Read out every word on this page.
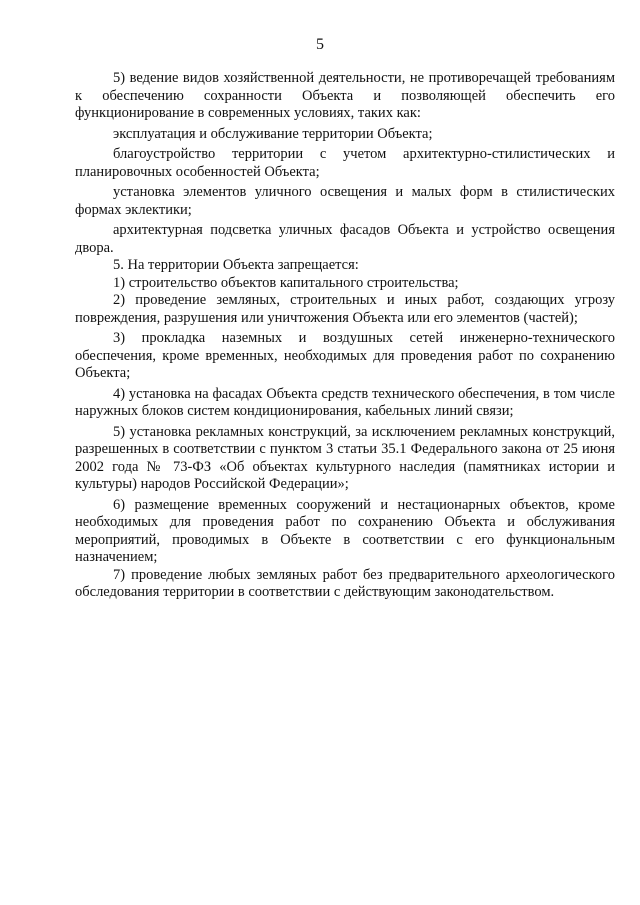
5

5) ведение видов хозяйственной деятельности, не противоречащей требованиям к обеспечению сохранности Объекта и позволяющей обеспечить его функционирование в современных условиях, таких как:

эксплуатация и обслуживание территории Объекта;

благоустройство территории с учетом архитектурно-стилистических и планировочных особенностей Объекта;

установка элементов уличного освещения и малых форм в стилистических формах эклектики;

архитектурная подсветка уличных фасадов Объекта и устройство освещения двора.

5. На территории Объекта запрещается:

1) строительство объектов капитального строительства;

2) проведение земляных, строительных и иных работ, создающих угрозу повреждения, разрушения или уничтожения Объекта или его элементов (частей);

3) прокладка наземных и воздушных сетей инженерно-технического обеспечения, кроме временных, необходимых для проведения работ по сохранению Объекта;

4) установка на фасадах Объекта средств технического обеспечения, в том числе наружных блоков систем кондиционирования, кабельных линий связи;

5) установка рекламных конструкций, за исключением рекламных конструкций, разрешенных в соответствии с пунктом 3 статьи 35.1 Федерального закона от 25 июня 2002 года № 73-ФЗ «Об объектах культурного наследия (памятниках истории и культуры) народов Российской Федерации»;

6) размещение временных сооружений и нестационарных объектов, кроме необходимых для проведения работ по сохранению Объекта и обслуживания мероприятий, проводимых в Объекте в соответствии с его функциональным назначением;

7) проведение любых земляных работ без предварительного археологического обследования территории в соответствии с действующим законодательством.
